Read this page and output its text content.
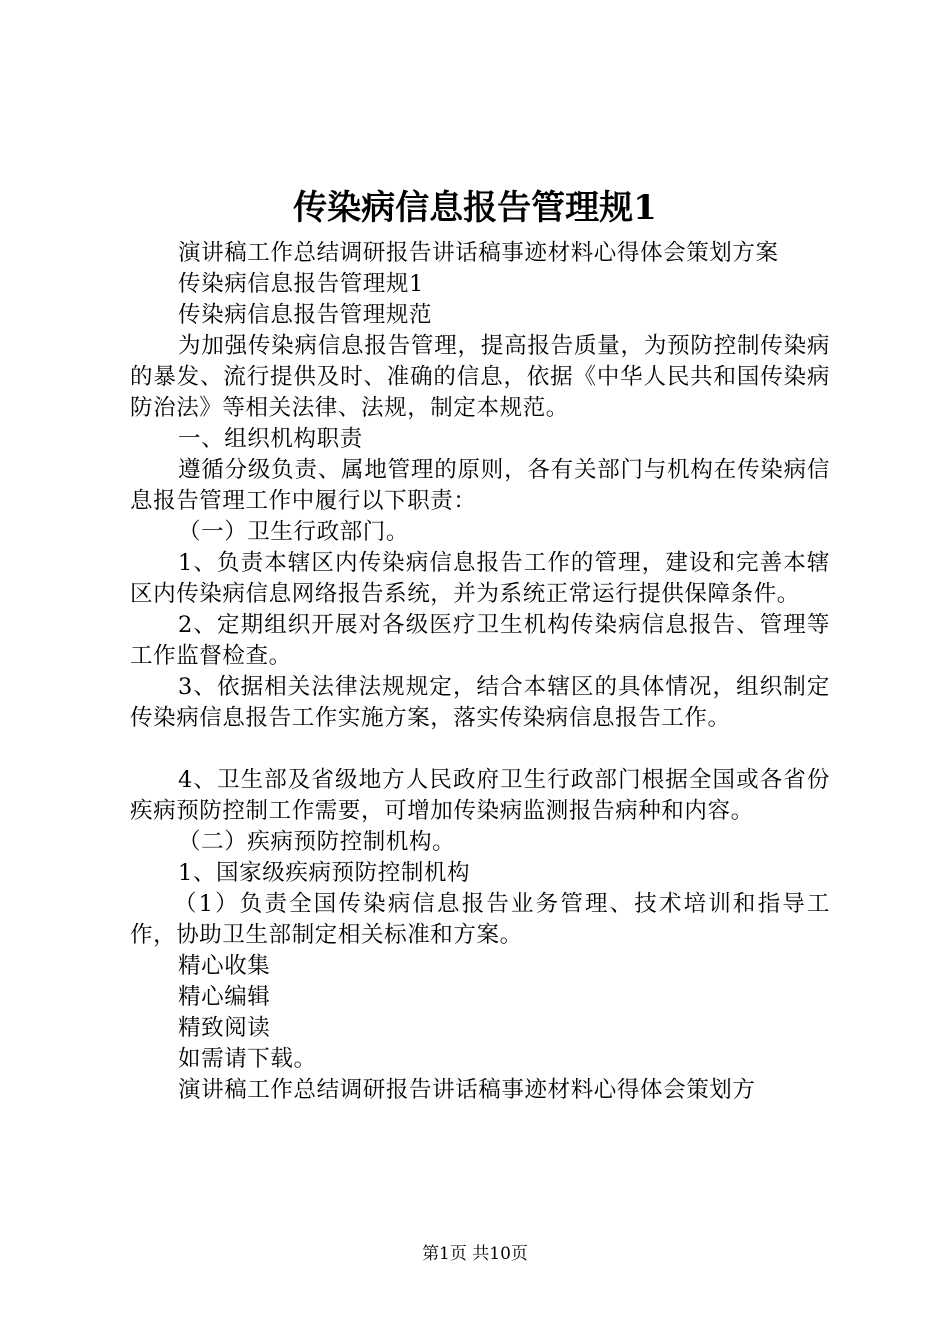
传染病信息报告管理规1

演讲稿工作总结调研报告讲话稿事迹材料心得体会策划方案

传染病信息报告管理规1

传染病信息报告管理规范

为加强传染病信息报告管理，提高报告质量，为预防控制传染病的暴发、流行提供及时、准确的信息，依据《中华人民共和国传染病防治法》等相关法律、法规，制定本规范。

一、组织机构职责

遵循分级负责、属地管理的原则，各有关部门与机构在传染病信息报告管理工作中履行以下职责：

（一）卫生行政部门。

1、负责本辖区内传染病信息报告工作的管理，建设和完善本辖区内传染病信息网络报告系统，并为系统正常运行提供保障条件。

2、定期组织开展对各级医疗卫生机构传染病信息报告、管理等工作监督检查。

3、依据相关法律法规规定，结合本辖区的具体情况，组织制定传染病信息报告工作实施方案，落实传染病信息报告工作。

4、卫生部及省级地方人民政府卫生行政部门根据全国或各省份疾病预防控制工作需要，可增加传染病监测报告病种和内容。

（二）疾病预防控制机构。

1、国家级疾病预防控制机构

（1）负责全国传染病信息报告业务管理、技术培训和指导工作，协助卫生部制定相关标准和方案。

精心收集

精心编辑

精致阅读

如需请下载。

演讲稿工作总结调研报告讲话稿事迹材料心得体会策划方

第1页 共10页
